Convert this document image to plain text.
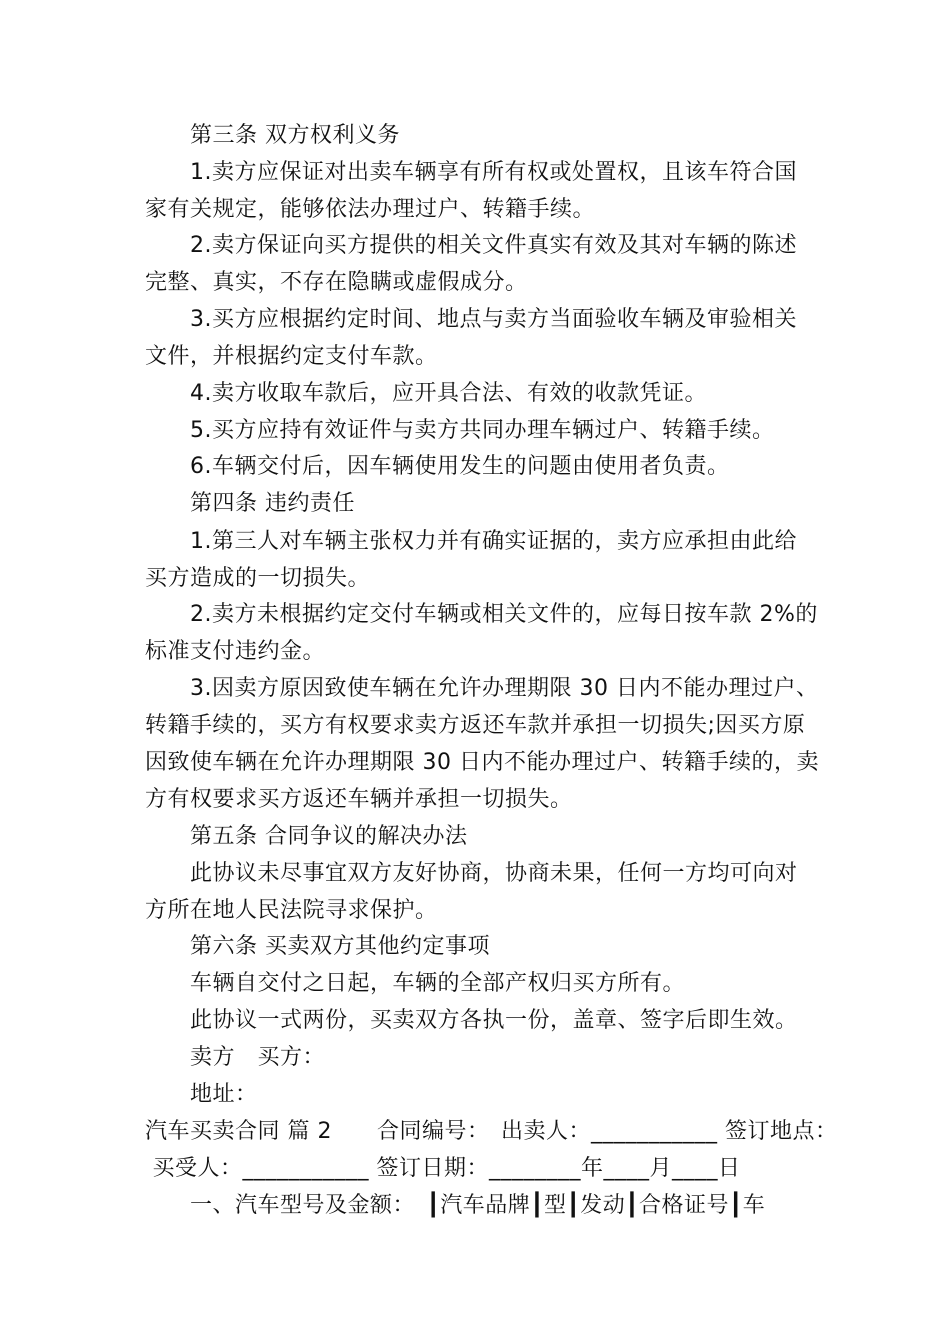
第三条 双方权利义务
1.卖方应保证对出卖车辆享有所有权或处置权，且该车符合国
家有关规定，能够依法办理过户、转籍手续。
2.卖方保证向买方提供的相关文件真实有效及其对车辆的陈述
完整、真实，不存在隐瞒或虚假成分。
3.买方应根据约定时间、地点与卖方当面验收车辆及审验相关
文件，并根据约定支付车款。
4.卖方收取车款后，应开具合法、有效的收款凭证。
5.买方应持有效证件与卖方共同办理车辆过户、转籍手续。
6.车辆交付后，因车辆使用发生的问题由使用者负责。
第四条 违约责任
1.第三人对车辆主张权力并有确实证据的，卖方应承担由此给
买方造成的一切损失。
2.卖方未根据约定交付车辆或相关文件的，应每日按车款 2%的
标准支付违约金。
3.因卖方原因致使车辆在允许办理期限 30 日内不能办理过户、
转籍手续的，买方有权要求卖方返还车款并承担一切损失;因买方原
因致使车辆在允许办理期限 30 日内不能办理过户、转籍手续的，卖
方有权要求买方返还车辆并承担一切损失。
第五条 合同争议的解决办法
此协议未尽事宜双方友好协商，协商未果，任何一方均可向对
方所在地人民法院寻求保护。
第六条 买卖双方其他约定事项
车辆自交付之日起，车辆的全部产权归买方所有。
此协议一式两份，买卖双方各执一份，盖章、签字后即生效。
卖方　买方：
地址：
汽车买卖合同 篇 2　　合同编号：　出卖人：___________ 签订地点：
买受人：___________ 签订日期：________年____月____日
一、汽车型号及金额：　┃汽车品牌┃型┃发动┃合格证号┃车
